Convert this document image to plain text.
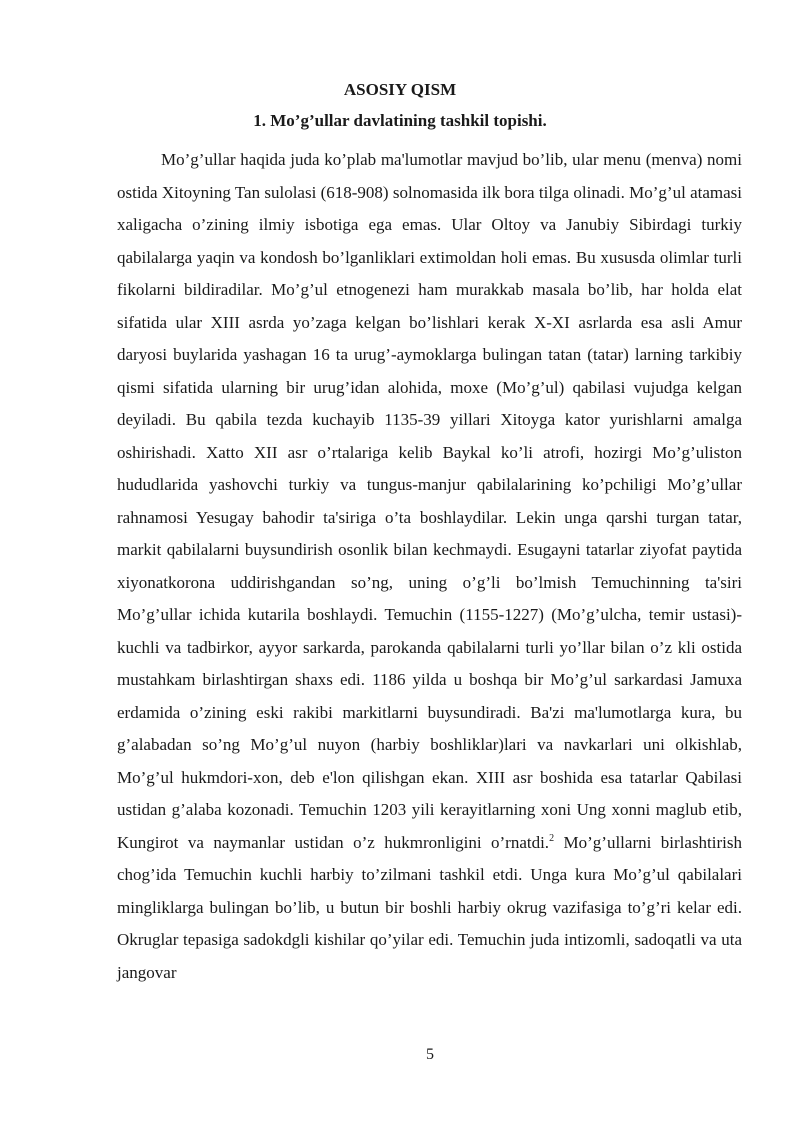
ASOSIY QISM
1. Mo’g’ullar davlatining tashkil topishi.

Mo’g’ullar haqida juda ko’plab ma'lumotlar mavjud bo’lib, ular menu (menva) nomi ostida Xitoyning Tan sulolasi (618-908) solnomasida ilk bora tilga olinadi. Mo’g’ul atamasi xaligacha o’zining ilmiy isbotiga ega emas. Ular Oltoy va Janubiy Sibirdagi turkiy qabilalarga yaqin va kondosh bo’lganliklari extimoldan holi emas. Bu xususda olimlar turli fikolarni bildiradilar. Mo’g’ul etnogenezi ham murakkab masala bo’lib, har holda elat sifatida ular XIII asrda yo’zaga kelgan bo’lishlari kerak X-XI asrlarda esa asli Amur daryosi buylarida yashagan 16 ta urug’-aymoklarga bulingan tatan (tatar) larning tarkibiy qismi sifatida ularning bir urug’idan alohida, moxe (Mo’g’ul) qabilasi vujudga kelgan deyiladi. Bu qabila tezda kuchayib 1135-39 yillari Xitoyga kator yurishlarni amalga oshirishadi. Xatto XII asr o’rtalariga kelib Baykal ko’li atrofi, hozirgi Mo’g’uliston hududlarida yashovchi turkiy va tungus-manjur qabilalarining ko’pchiligi Mo’g’ullar rahnamosi Yesugay bahodir ta'siriga o’ta boshlaydilar. Lekin unga qarshi turgan tatar, markit qabilalarni buysundirish osonlik bilan kechmaydi. Esugayni tatarlar ziyofat paytida xiyonatkorona uddirishgandan so’ng, uning o’g’li bo’lmish Temuchinning ta'siri Mo’g’ullar ichida kutarila boshlaydi. Temuchin (1155-1227) (Mo’g’ulcha, temir ustasi)-kuchli va tadbirkor, ayyor sarkarda, parokanda qabilalarni turli yo’llar bilan o’z kli ostida mustahkam birlashtirgan shaxs edi. 1186 yilda u boshqa bir Mo’g’ul sarkardasi Jamuxa erdamida o’zining eski rakibi markitlarni buysundiradi. Ba'zi ma'lumotlarga kura, bu g’alabadan so’ng Mo’g’ul nuyon (harbiy boshliklar)lari va navkarlari uni olkishlab, Mo’g’ul hukmdori-xon, deb e'lon qilishgan ekan. XIII asr boshida esa tatarlar Qabilasi ustidan g’alaba kozonadi. Temuchin 1203 yili kerayitlarning xoni Ung xonni maglub etib, Kungirot va naymanlar ustidan o’z hukmronligini o’rnatdi.$^2$ Mo’g’ullarni birlashtirish chog’ida Temuchin kuchli harbiy to’zilmani tashkil etdi. Unga kura Mo’g’ul qabilalari mingliklarga bulingan bo’lib, u butun bir boshli harbiy okrug vazifasiga to’g’ri kelar edi. Okruglar tepasiga sadokdgli kishilar qo’yilar edi. Temuchin juda intizomli, sadoqatli va uta jangovar

5
